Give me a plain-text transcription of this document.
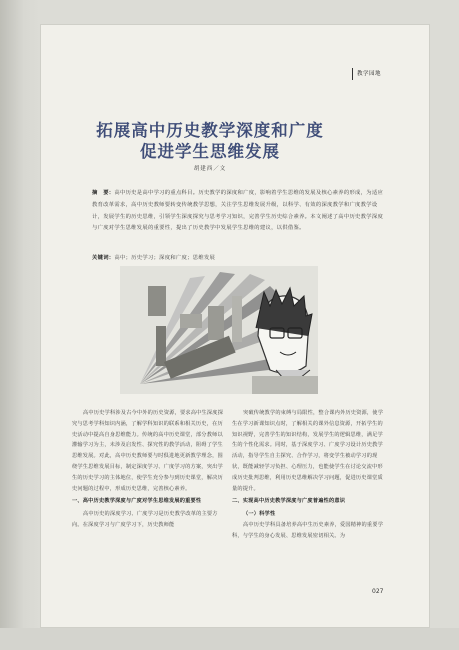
教学园地
拓展高中历史教学深度和广度
促进学生思维发展
胡建西／文
摘　要：高中历史是高中学习的重点科目。历史教学的深度和广度，影响着学生思维的发展及核心素养的形成，为适应教育改革需求，高中历史教师要转变传统教学思想，关注学生思维发展升级，以科学、有效的深度教学和广度教学设计，发展学生的历史思维，引领学生深度探究与思考学习知识，完善学生历史综合素养。本文阐述了高中历史教学深度与广度对学生思维发展的重要性，提出了历史教学中发展学生思维的建议，以供借鉴。
关键词：高中；历史学习；深度和广度；思维发展

高中历史学科涉及古今中外的历史资源，要求高中生深度探究与思考学科知识内涵，了解学科知识的联系和相关历史，在历史活动中提高自身思维能力。传统的高中历史课堂，部分教师以灌输学习为主，未涉及启发性、探究性的教学活动，阻碍了学生思维发展。对此，高中历史教师要与时俱进地更新教学理念，围绕学生思维发展目标，制定深度学习、广度学习的方案，突出学生的历史学习的主体地位，使学生充分参与到历史课堂，解决历史问题的过程中，形成历史思维，完善核心素养。

一、高中历史教学深度与广度对学生思维发展的重要性

高中历史的深度学习、广度学习是历史教学改革的主要方向。在深度学习与广度学习下，历史教师能

突破传统教学的束缚与局限性，整合课内外历史资源，使学生在学习新课知识点时，了解相关的课外信息资源，开拓学生的知识视野，完善学生的知识结构，发展学生的逻辑思维，满足学生的个性化需求。同时，基于深度学习、广度学习设计历史教学活动，指导学生自主探究、合作学习，将变学生被动学习的现状，既能减轻学习负担、心理压力，也能使学生在讨论交流中形成历史批判思维，利用历史思维解决学习问题，促进历史课堂质量的提升。

二、实现高中历史教学深度与广度普遍性的意识

（一）科学性

高中历史学科具备培养高中生历史素养，爱国精神的重要学科，与学生的身心发展、思维发展密切相关。为

027
